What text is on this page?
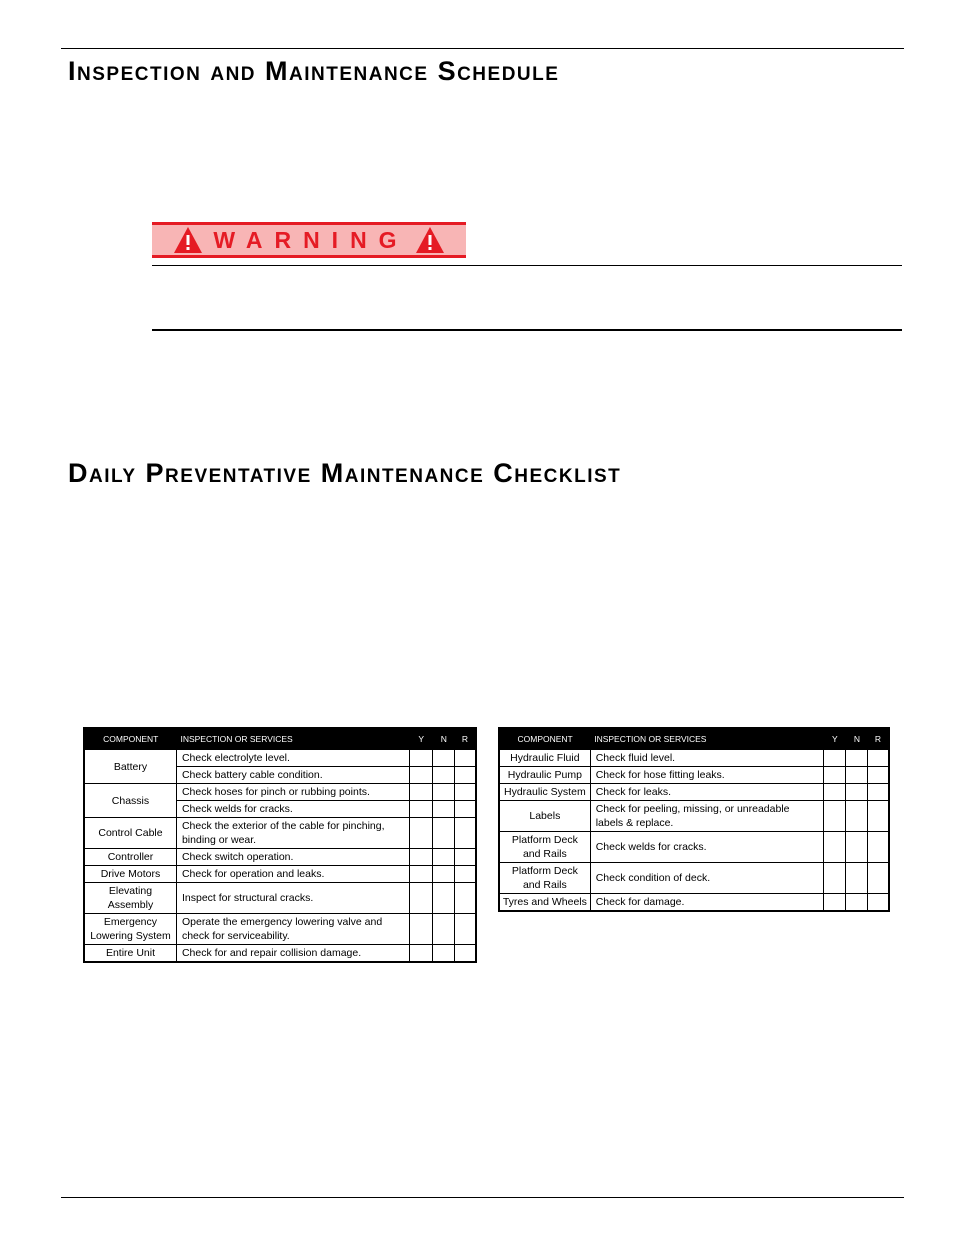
Inspection and Maintenance Schedule
WARNING
Daily Preventative Maintenance Checklist
COMPONENT	INSPECTION OR SERVICES	Y	N	R
Battery	Check electrolyte level.			
	Check battery cable condition.			
Chassis	Check hoses for pinch or rubbing points.			
	Check welds for cracks.			
Control Cable	Check the exterior of the cable for pinching, binding or wear.			
Controller	Check switch operation.			
Drive Motors	Check for operation and leaks.			
Elevating Assembly	Inspect for structural cracks.			
Emergency Lowering System	Operate the emergency lowering valve and check for serviceability.			
Entire Unit	Check for and repair collision damage.			
COMPONENT	INSPECTION OR SERVICES	Y	N	R
Hydraulic Fluid	Check fluid level.			
Hydraulic Pump	Check for hose fitting leaks.			
Hydraulic System	Check for leaks.			
Labels	Check for peeling, missing, or unreadable labels & replace.			
Platform Deck and Rails	Check welds for cracks.			
Platform Deck and Rails	Check condition of deck.			
Tyres and Wheels	Check for damage.			
